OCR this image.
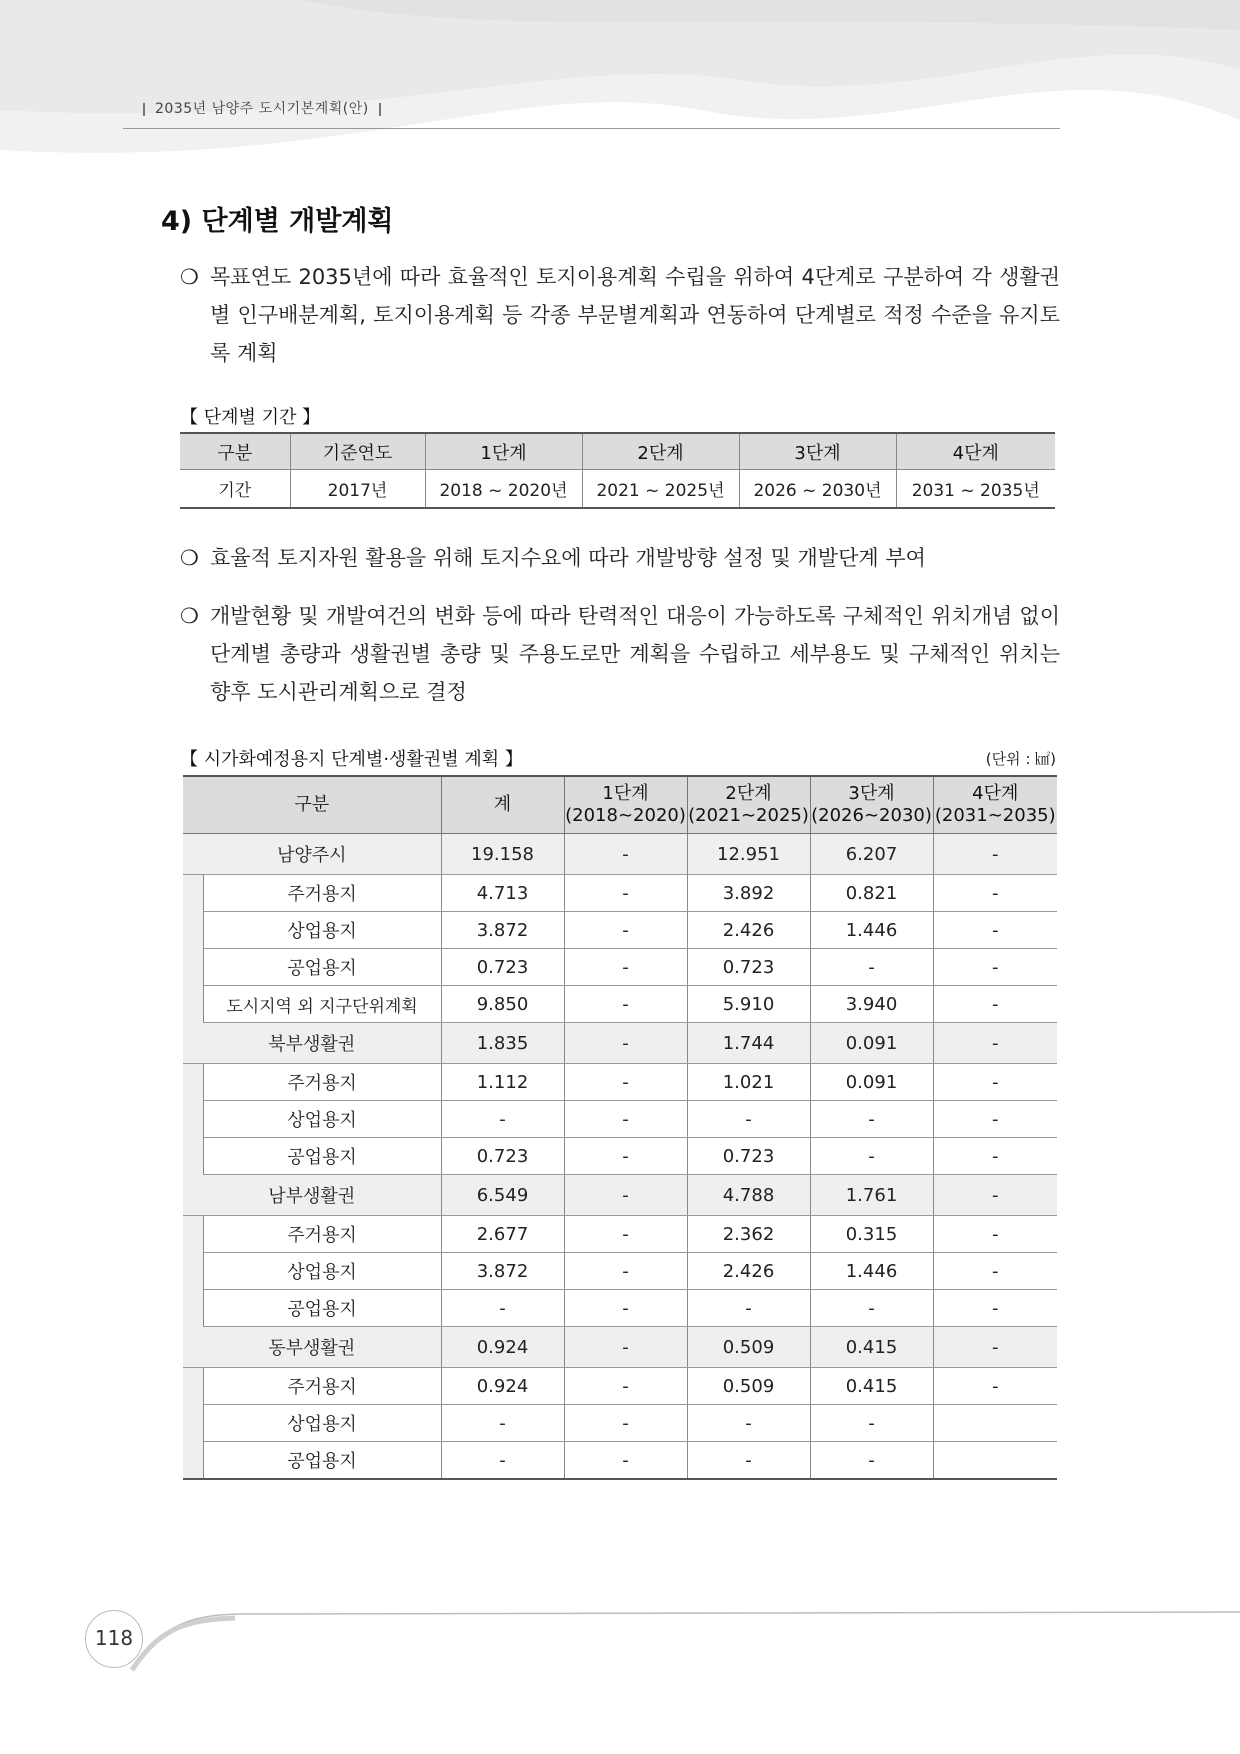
2035년 남양주 도시기본계획(안)
4) 단계별 개발계획
❍ 목표연도 2035년에 따라 효율적인 토지이용계획 수립을 위하여 4단계로 구분하여 각 생활권별 인구배분계획, 토지이용계획 등 각종 부문별계획과 연동하여 단계별로 적정 수준을 유지토록 계획
【 단계별 기간 】
구분	기준연도	1단계	2단계	3단계	4단계
기간	2017년	2018 ~ 2020년	2021 ~ 2025년	2026 ~ 2030년	2031 ~ 2035년
❍ 효율적 토지자원 활용을 위해 토지수요에 따라 개발방향 설정 및 개발단계 부여
❍ 개발현황 및 개발여건의 변화 등에 따라 탄력적인 대응이 가능하도록 구체적인 위치개념 없이 단계별 총량과 생활권별 총량 및 주용도로만 계획을 수립하고 세부용도 및 구체적인 위치는 향후 도시관리계획으로 결정
【 시가화예정용지 단계별·생활권별 계획 】	(단위 : ㎢)
구분		계	1단계
(2018∼2020)	2단계
(2021∼2025)	3단계
(2026∼2030)	4단계
(2031∼2035)
남양주시		19.158	-	12.951	6.207	-
	주거용지	4.713	-	3.892	0.821	-
	상업용지	3.872	-	2.426	1.446	-
	공업용지	0.723	-	0.723	-	-
	도시지역 외 지구단위계획	9.850	-	5.910	3.940	-
북부생활권		1.835	-	1.744	0.091	-
	주거용지	1.112	-	1.021	0.091	-
	상업용지	-	-	-	-	-
	공업용지	0.723	-	0.723	-	-
남부생활권		6.549	-	4.788	1.761	-
	주거용지	2.677	-	2.362	0.315	-
	상업용지	3.872	-	2.426	1.446	-
	공업용지	-	-	-	-	-
동부생활권		0.924	-	0.509	0.415	-
	주거용지	0.924	-	0.509	0.415	-
	상업용지	-	-	-	-	
	공업용지	-	-	-	-	
118
